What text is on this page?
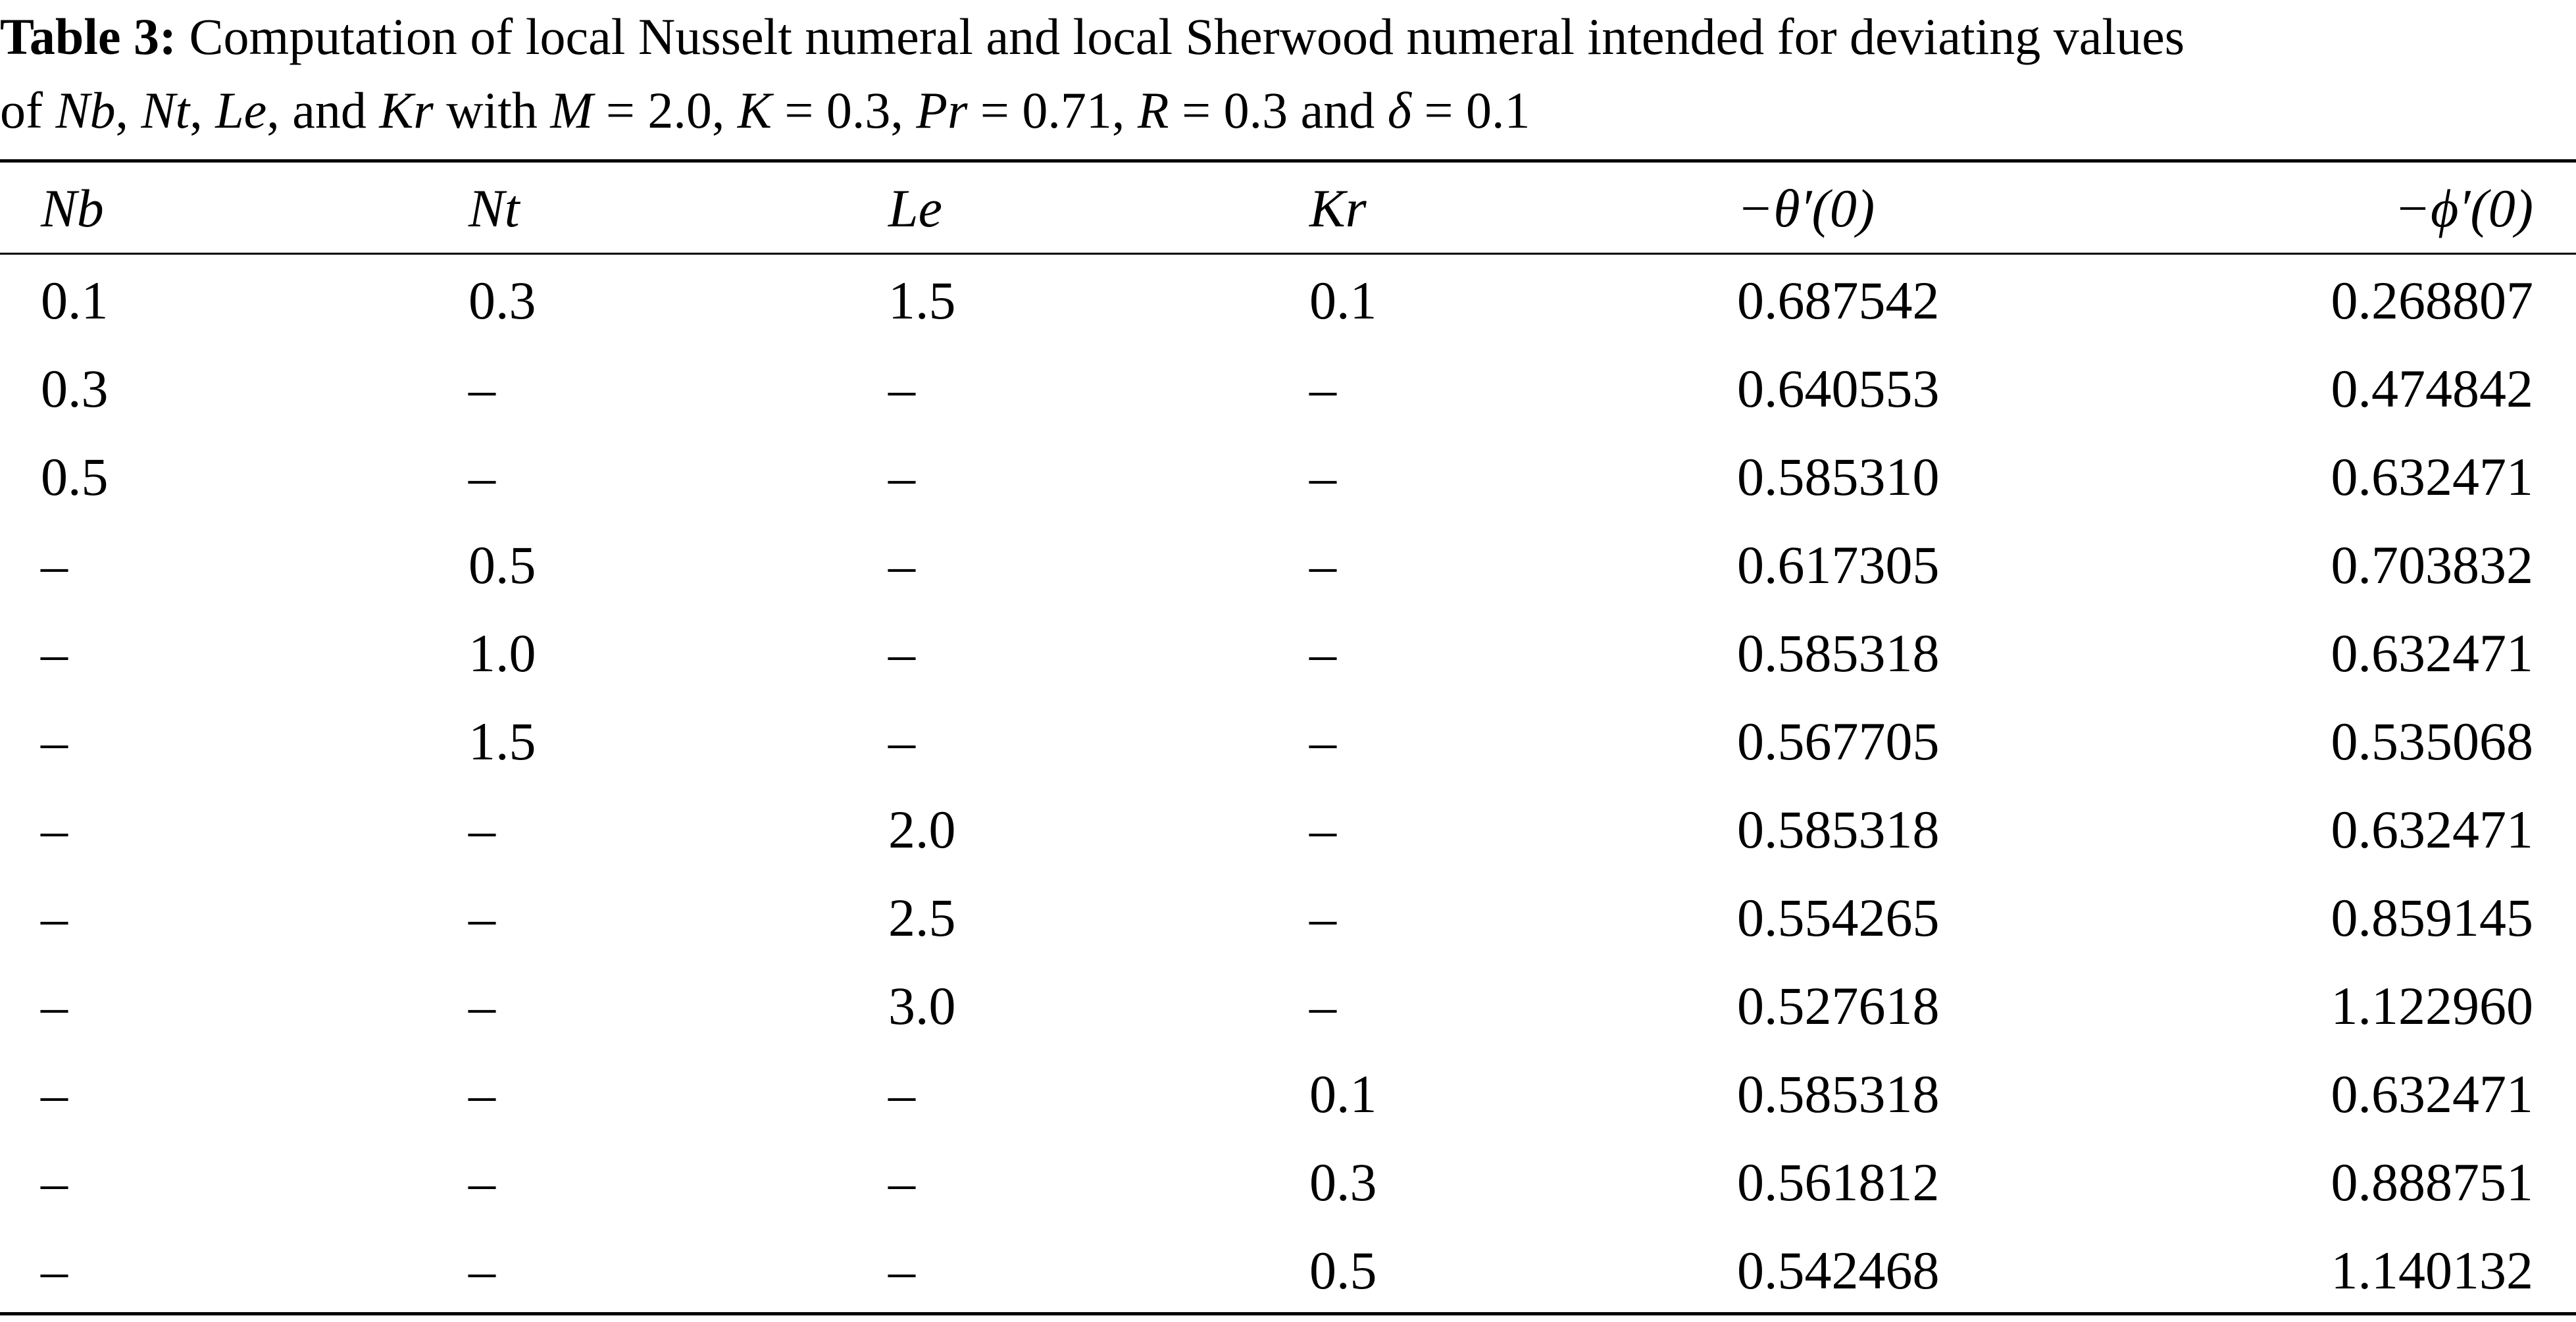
Table 3: Computation of local Nusselt numeral and local Sherwood numeral intended for deviating values
of Nb, Nt, Le, and Kr with M = 2.0, K = 0.3, Pr = 0.71, R = 0.3 and δ = 0.1

Nb	Nt	Le	Kr	−θ′(0)	−ϕ′(0)
0.1	0.3	1.5	0.1	0.687542	0.268807
0.3	–	–	–	0.640553	0.474842
0.5	–	–	–	0.585310	0.632471
–	0.5	–	–	0.617305	0.703832
–	1.0	–	–	0.585318	0.632471
–	1.5	–	–	0.567705	0.535068
–	–	2.0	–	0.585318	0.632471
–	–	2.5	–	0.554265	0.859145
–	–	3.0	–	0.527618	1.122960
–	–	–	0.1	0.585318	0.632471
–	–	–	0.3	0.561812	0.888751
–	–	–	0.5	0.542468	1.140132
